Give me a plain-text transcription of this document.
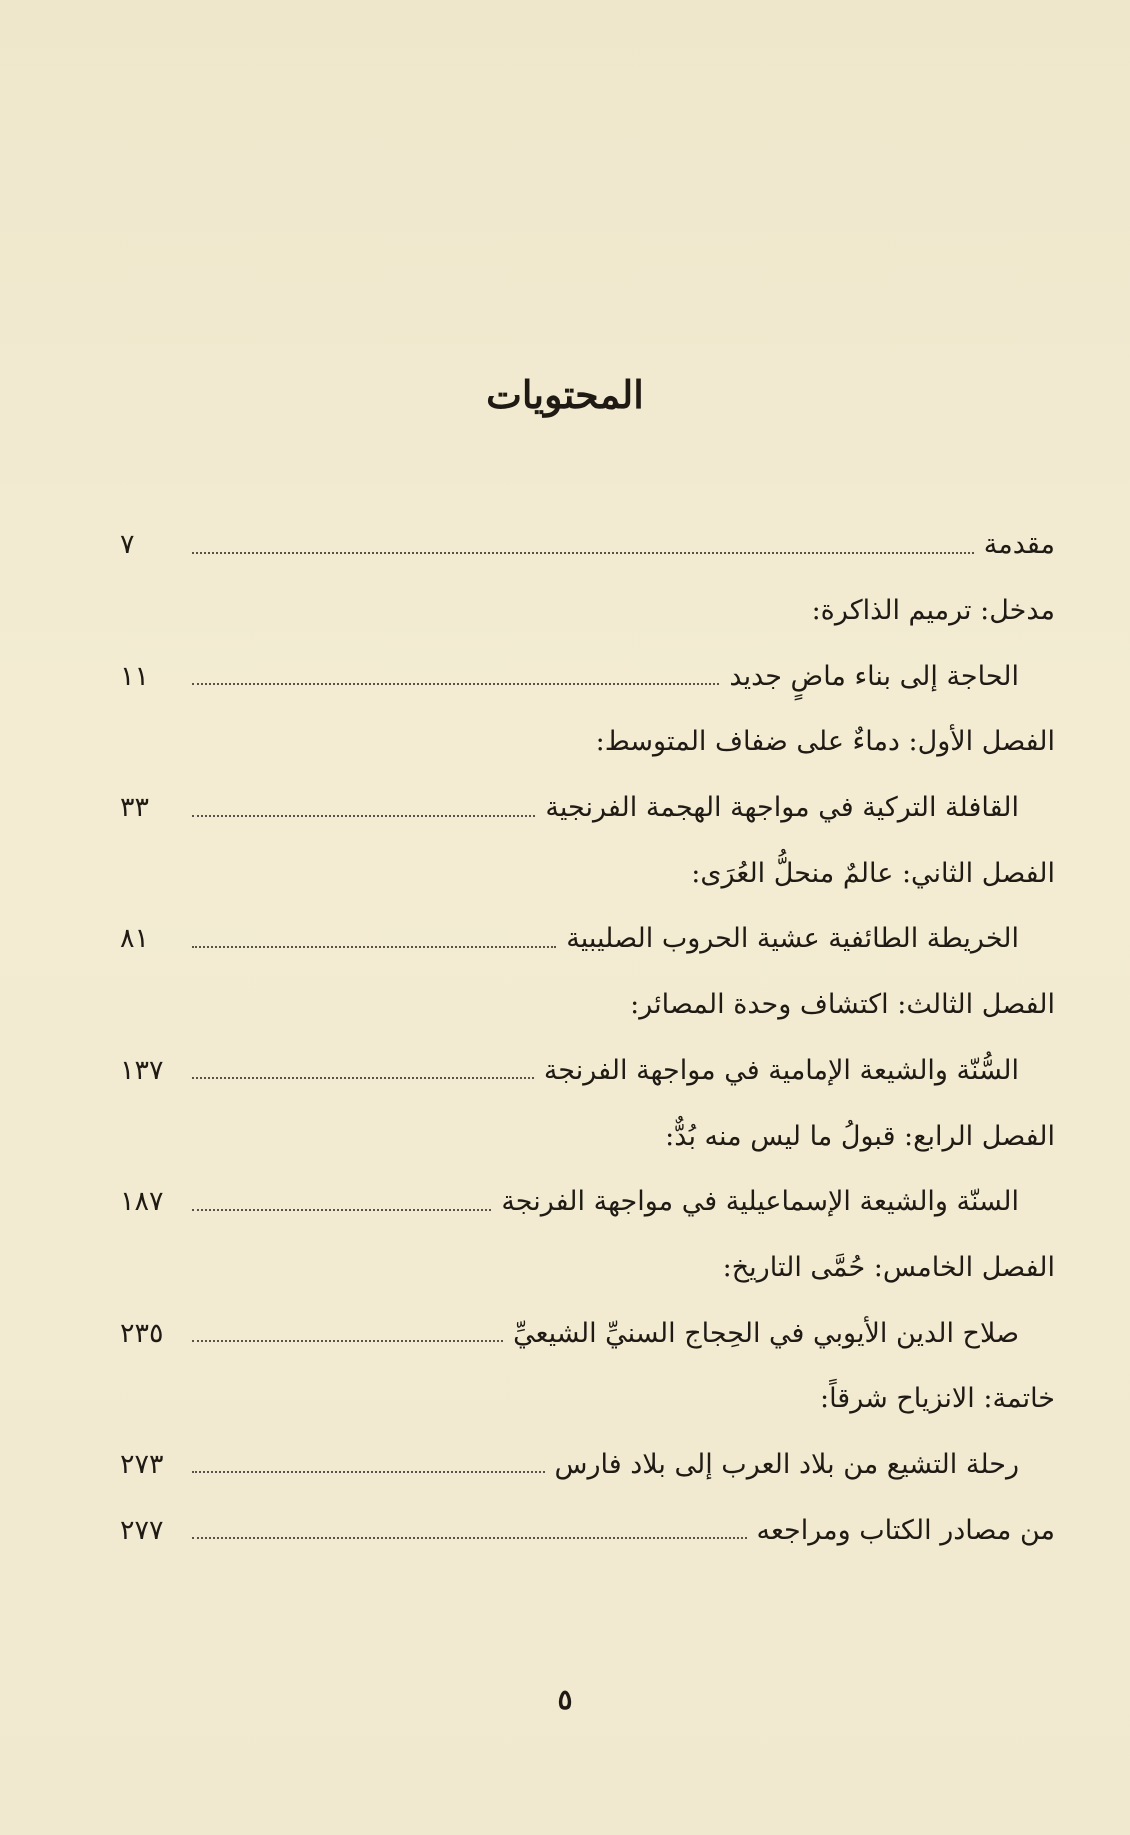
المحتويات
مقدمة
٧
مدخل: ترميم الذاكرة:
الحاجة إلى بناء ماضٍ جديد
١١
الفصل الأول: دماءٌ على ضفاف المتوسط:
القافلة التركية في مواجهة الهجمة الفرنجية
٣٣
الفصل الثاني: عالمٌ منحلُّ العُرَى:
الخريطة الطائفية عشية الحروب الصليبية
٨١
الفصل الثالث: اكتشاف وحدة المصائر:
السُّنّة والشيعة الإمامية في مواجهة الفرنجة
١٣٧
الفصل الرابع: قبولُ ما ليس منه بُدٌّ:
السنّة والشيعة الإسماعيلية في مواجهة الفرنجة
١٨٧
الفصل الخامس: حُمَّى التاريخ:
صلاح الدين الأيوبي في الحِجاج السنيِّ الشيعيِّ
٢٣٥
خاتمة: الانزياح شرقاً:
رحلة التشيع من بلاد العرب إلى بلاد فارس
٢٧٣
من مصادر الكتاب ومراجعه
٢٧٧
٥
